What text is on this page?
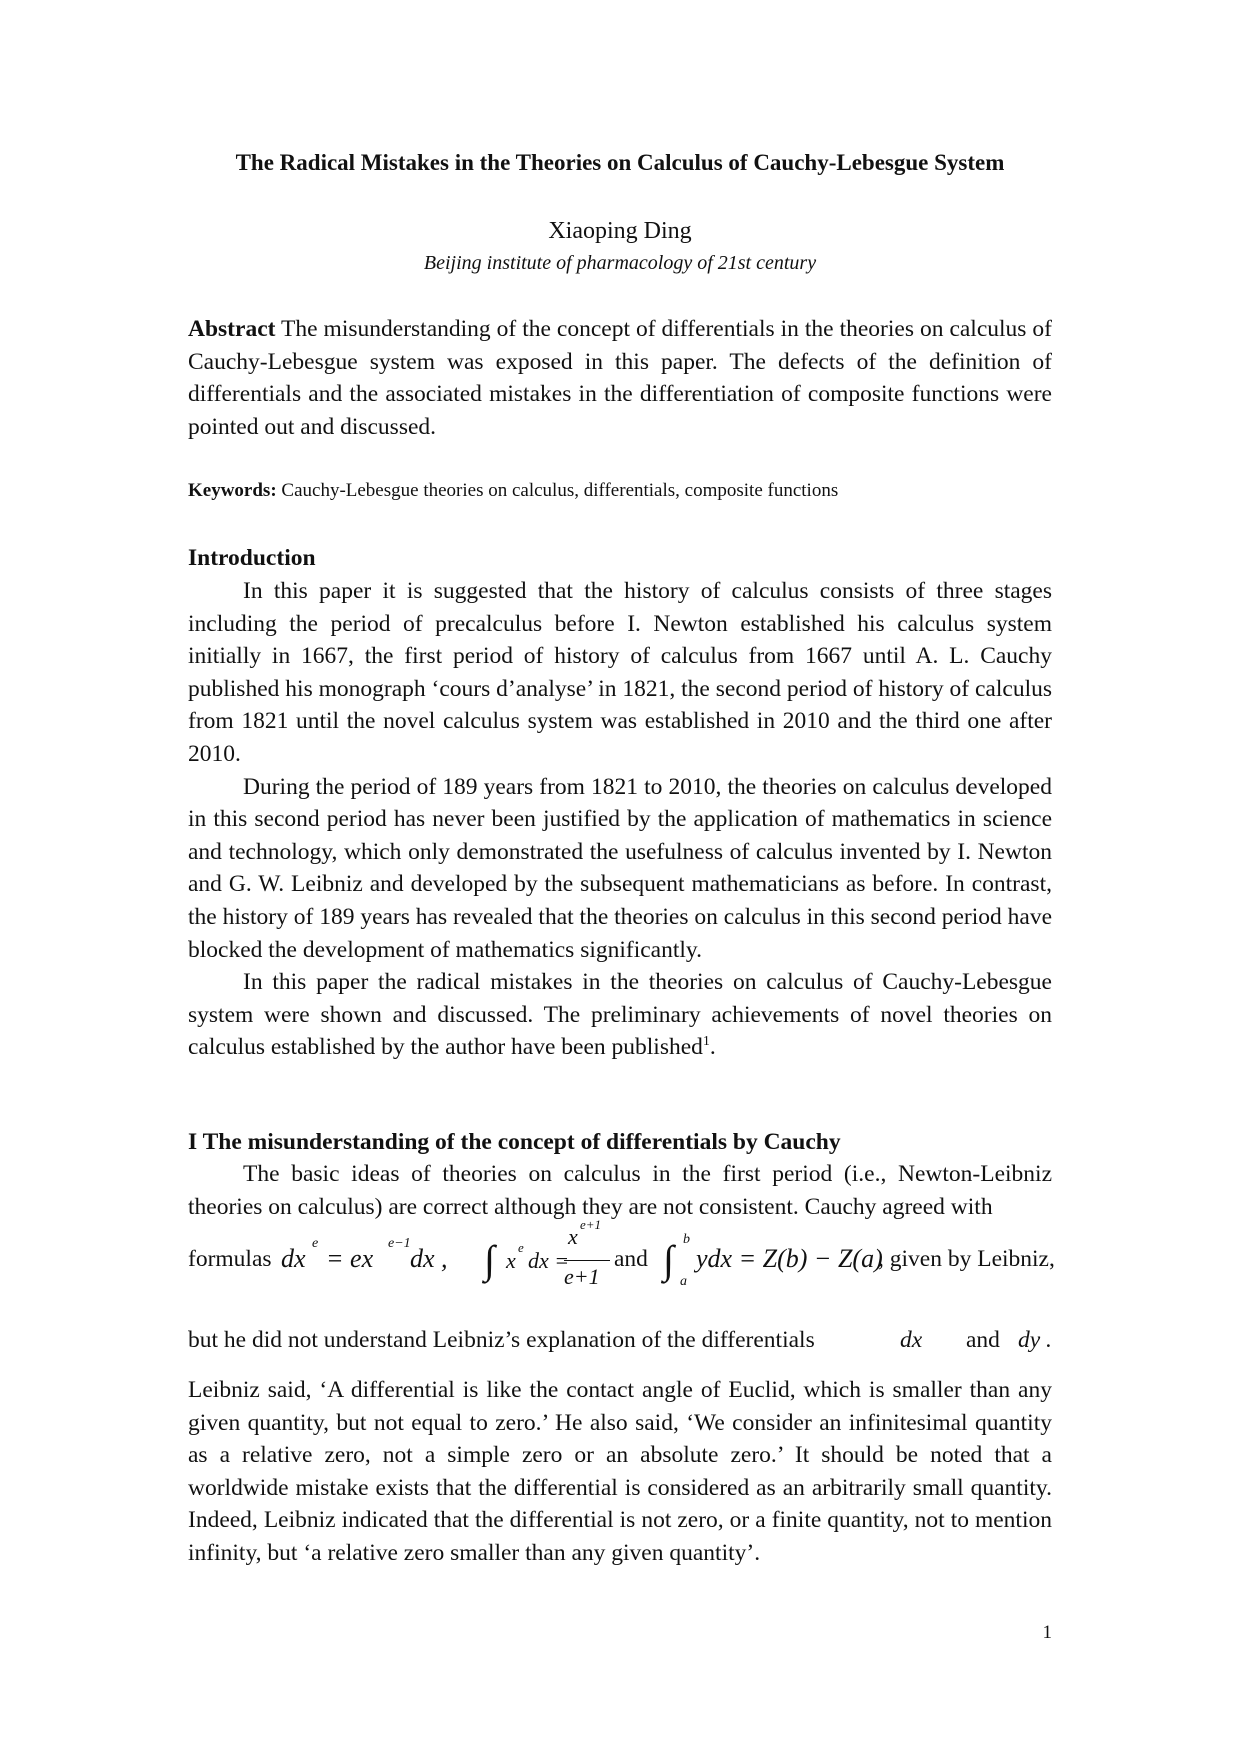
The Radical Mistakes in the Theories on Calculus of Cauchy-Lebesgue System
Xiaoping Ding
Beijing institute of pharmacology of 21st century
Abstract The misunderstanding of the concept of differentials in the theories on calculus of Cauchy-Lebesgue system was exposed in this paper. The defects of the definition of differentials and the associated mistakes in the differentiation of composite functions were pointed out and discussed.
Keywords: Cauchy-Lebesgue theories on calculus, differentials, composite functions
Introduction

In this paper it is suggested that the history of calculus consists of three stages including the period of precalculus before I. Newton established his calculus system initially in 1667, the first period of history of calculus from 1667 until A. L. Cauchy published his monograph ‘cours d’analyse’ in 1821, the second period of history of calculus from 1821 until the novel calculus system was established in 2010 and the third one after 2010.

During the period of 189 years from 1821 to 2010, the theories on calculus developed in this second period has never been justified by the application of mathematics in science and technology, which only demonstrated the usefulness of calculus invented by I. Newton and G. W. Leibniz and developed by the subsequent mathematicians as before. In contrast, the history of 189 years has revealed that the theories on calculus in this second period have blocked the development of mathematics significantly.

In this paper the radical mistakes in the theories on calculus of Cauchy-Lebesgue system were shown and discussed. The preliminary achievements of novel theories on calculus established by the author have been published$^1$.

I The misunderstanding of the concept of differentials by Cauchy

The basic ideas of theories on calculus in the first period (i.e., Newton-Leibniz theories on calculus) are correct although they are not consistent. Cauchy agreed with

formulas dx
e
= ex
e−1
dx , ∫ x
e
dx =
x e+1
e+1
and ∫ b
a
ydx = Z(b) − Z(a)
, given by Leibniz,
but he did not understand Leibniz’s explanation of the differentials	dx and dy .
Leibniz said, ‘A differential is like the contact angle of Euclid, which is smaller than any given quantity, but not equal to zero.’ He also said, ‘We consider an infinitesimal quantity as a relative zero, not a simple zero or an absolute zero.’ It should be noted that a worldwide mistake exists that the differential is considered as an arbitrarily small quantity. Indeed, Leibniz indicated that the differential is not zero, or a finite quantity, not to mention infinity, but ‘a relative zero smaller than any given quantity’.
1
